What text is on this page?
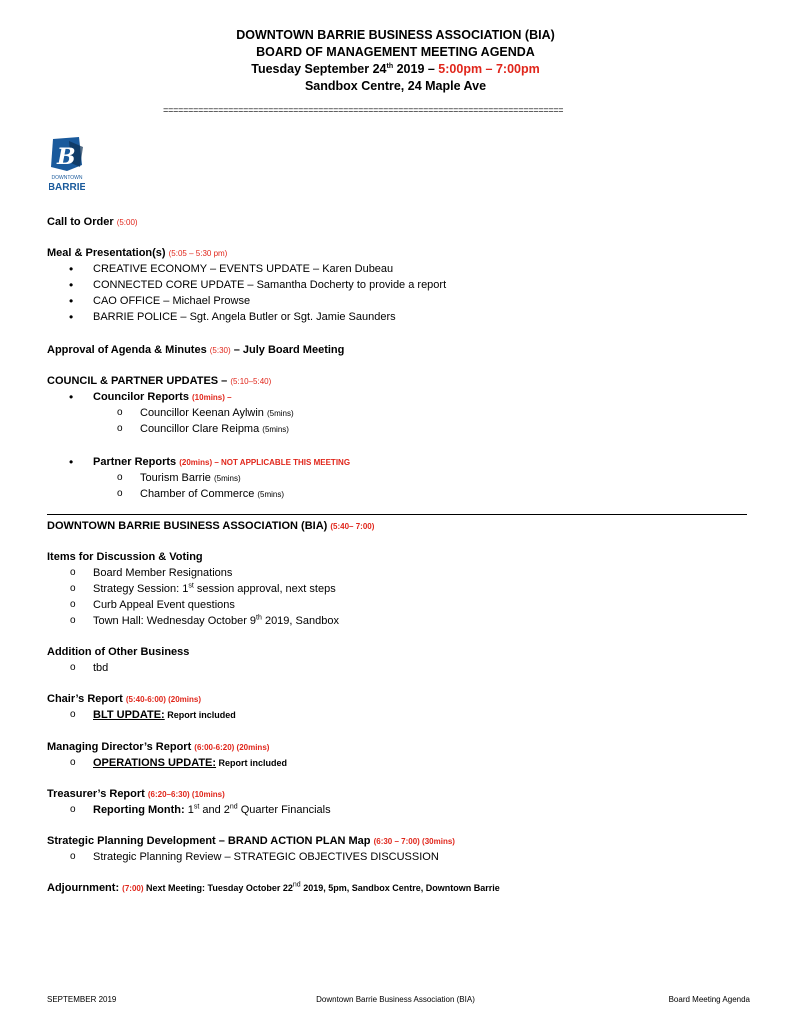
DOWNTOWN BARRIE BUSINESS ASSOCIATION (BIA)
BOARD OF MANAGEMENT MEETING AGENDA
Tuesday September 24th 2019 – 5:00pm – 7:00pm
Sandbox Centre, 24 Maple Ave
================================================================================
B
DOWNTOWN
BARRIE
Call to Order (5:00)
Meal & Presentation(s) (5:05 – 5:30 pm)
• CREATIVE ECONOMY – EVENTS UPDATE – Karen Dubeau
• CONNECTED CORE UPDATE – Samantha Docherty to provide a report
• CAO OFFICE – Michael Prowse
• BARRIE POLICE – Sgt. Angela Butler or Sgt. Jamie Saunders
Approval of Agenda & Minutes (5:30) – July Board Meeting
COUNCIL & PARTNER UPDATES – (5:10–5:40)
• Councilor Reports (10mins) –
o Councillor Keenan Aylwin (5mins)
o Councillor Clare Reipma (5mins)
• Partner Reports (20mins) – NOT APPLICABLE THIS MEETING
o Tourism Barrie (5mins)
o Chamber of Commerce (5mins)
DOWNTOWN BARRIE BUSINESS ASSOCIATION (BIA) (5:40– 7:00)
Items for Discussion & Voting
o Board Member Resignations
o Strategy Session: 1st session approval, next steps
o Curb Appeal Event questions
o Town Hall: Wednesday October 9th 2019, Sandbox
Addition of Other Business
o tbd
Chair’s Report (5:40-6:00) (20mins)
o BLT UPDATE: Report included
Managing Director’s Report (6:00-6:20) (20mins)
o OPERATIONS UPDATE: Report included
Treasurer’s Report (6:20–6:30) (10mins)
o Reporting Month: 1st and 2nd Quarter Financials
Strategic Planning Development – BRAND ACTION PLAN Map (6:30 – 7:00) (30mins)
o Strategic Planning Review – STRATEGIC OBJECTIVES DISCUSSION
Adjournment: (7:00) Next Meeting: Tuesday October 22nd 2019, 5pm, Sandbox Centre, Downtown Barrie
SEPTEMBER 2019	Downtown Barrie Business Association (BIA)	Board Meeting Agenda
